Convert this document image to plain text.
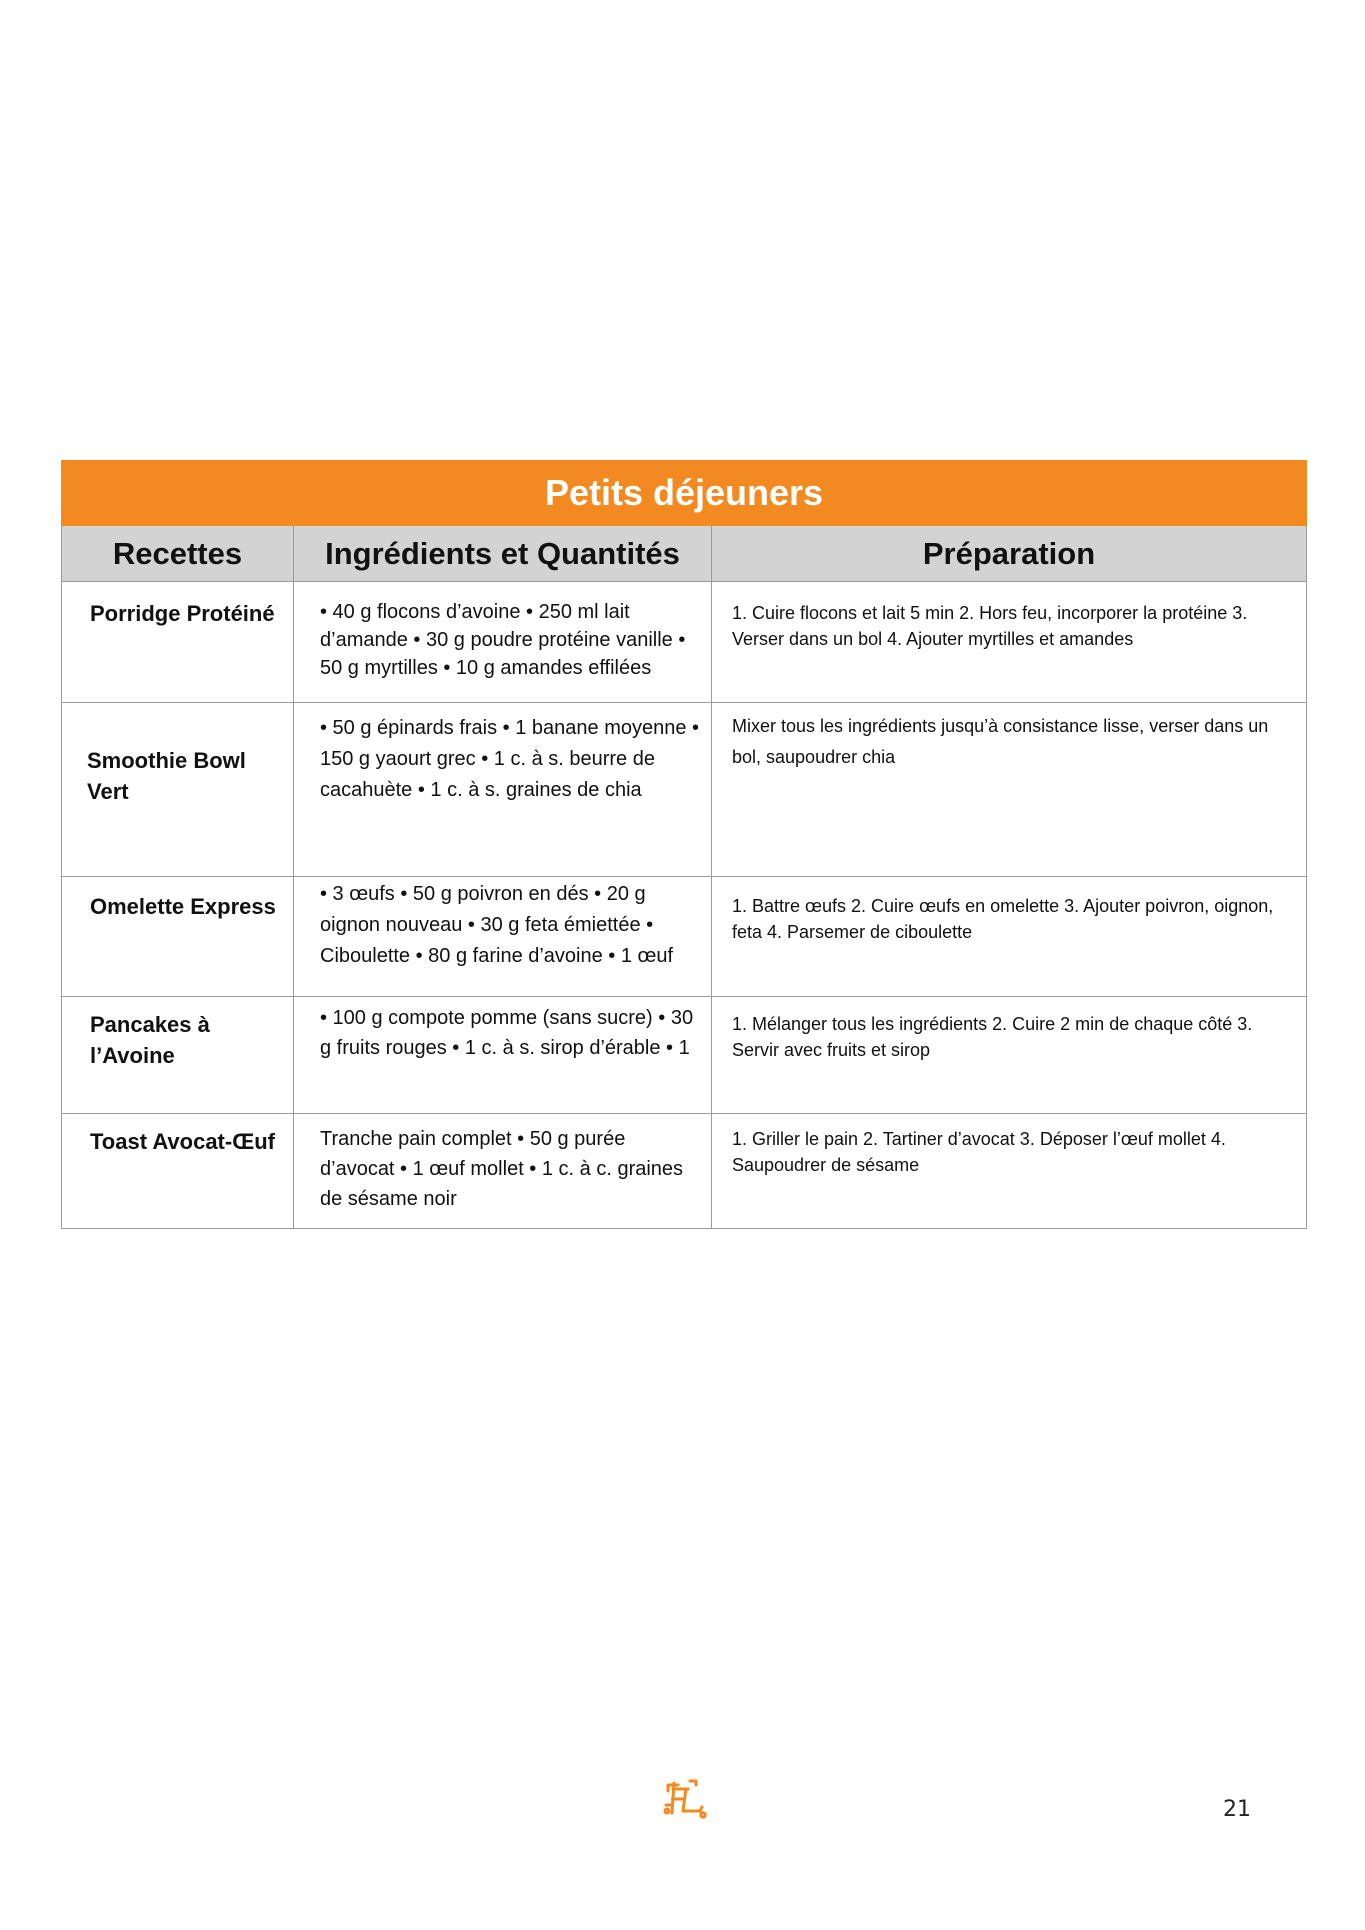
Petits déjeuners		
Recettes	Ingrédients et Quantités	Préparation
Porridge Protéiné	• 40 g flocons d’avoine • 250 ml lait d’amande • 30 g poudre protéine vanille • 50 g myrtilles • 10 g amandes effilées	1. Cuire flocons et lait 5 min 2. Hors feu, incorporer la protéine 3. Verser dans un bol 4. Ajouter myrtilles et amandes
Smoothie Bowl Vert	• 50 g épinards frais • 1 banane moyenne • 150 g yaourt grec • 1 c. à s. beurre de cacahuète • 1 c. à s. graines de chia	Mixer tous les ingrédients jusqu’à consistance lisse, verser dans un bol, saupoudrer chia
Omelette Express	• 3 œufs • 50 g poivron en dés • 20 g oignon nouveau • 30 g feta émiettée • Ciboulette • 80 g farine d’avoine • 1 œuf	1. Battre œufs 2. Cuire œufs en omelette 3. Ajouter poivron, oignon, feta 4. Parsemer de ciboulette
Pancakes à l’Avoine	• 100 g compote pomme (sans sucre) • 30 g fruits rouges • 1 c. à s. sirop d’érable • 1	1. Mélanger tous les ingrédients 2. Cuire 2 min de chaque côté 3. Servir avec fruits et sirop
Toast Avocat-Œuf	Tranche pain complet • 50 g purée d’avocat • 1 œuf mollet • 1 c. à c. graines de sésame noir	1. Griller le pain 2. Tartiner d’avocat 3. Déposer l’œuf mollet 4. Saupoudrer de sésame
21
